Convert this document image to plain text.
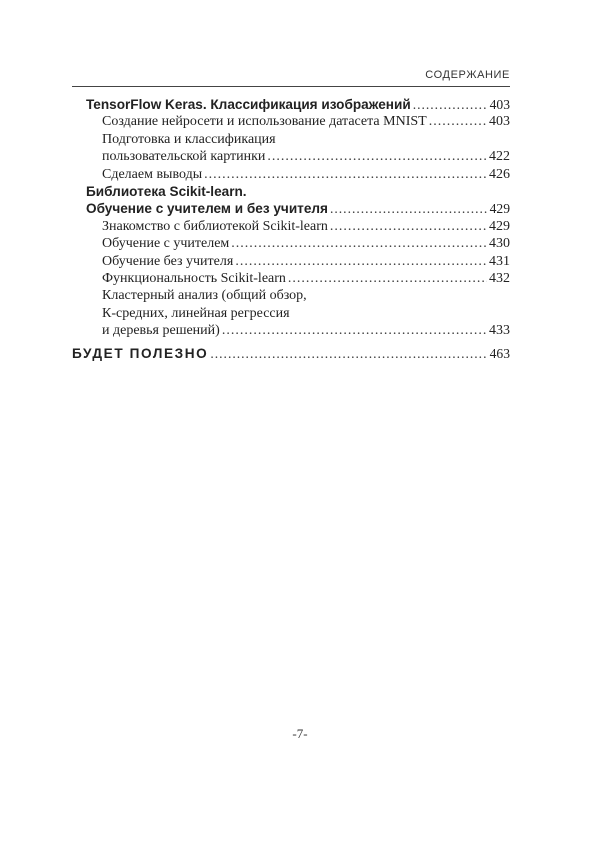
СОДЕРЖАНИЕ
TensorFlow Keras. Классификация изображений .....	403
Создание нейросети и использование датасета MNIST .....	403
Подготовка и классификация
пользовательской картинки .....	422
Сделаем выводы .....	426
Библиотека Scikit-learn.
Обучение с учителем и без учителя .....	429
Знакомство с библиотекой Scikit-learn .....	429
Обучение с учителем .....	430
Обучение без учителя .....	431
Функциональность Scikit-learn .....	432
Кластерный анализ (общий обзор,
К-средних, линейная регрессия
и деревья решений) .....	433
БУДЕТ ПОЛЕЗНО .....	463
-7-
